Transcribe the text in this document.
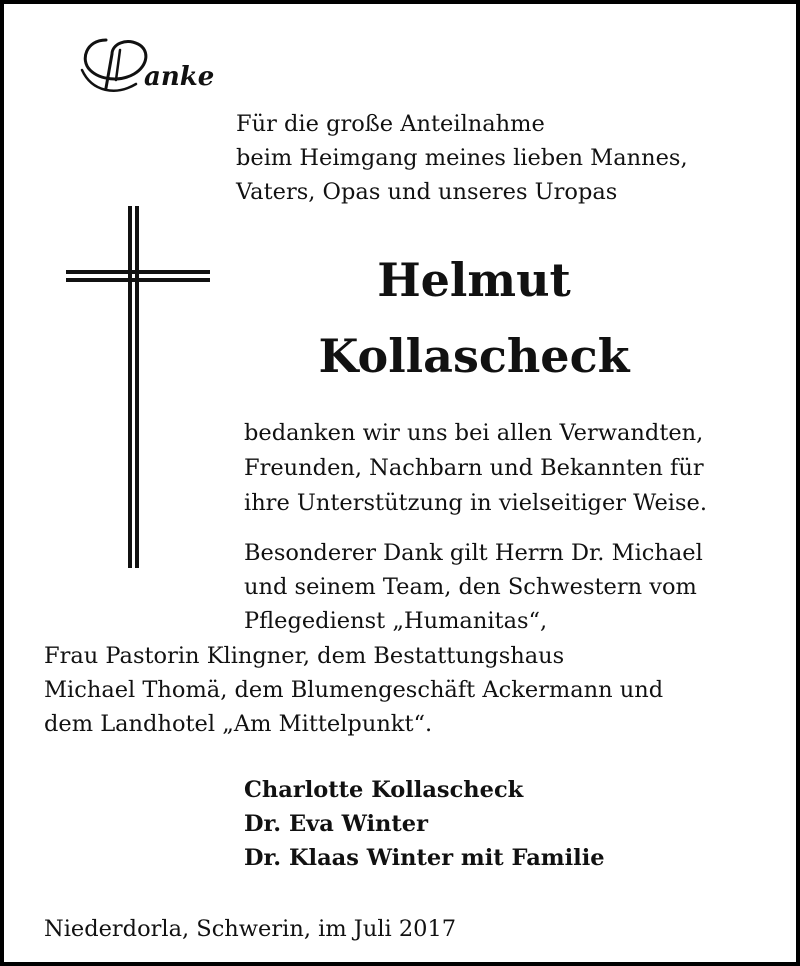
anke
Für die große Anteilnahme
beim Heimgang meines lieben Mannes,
Vaters, Opas und unseres Uropas
Helmut
Kollascheck
bedanken wir uns bei allen Verwandten,
Freunden, Nachbarn und Bekannten für
ihre Unterstützung in vielseitiger Weise.
Besonderer Dank gilt Herrn Dr. Michael
und seinem Team, den Schwestern vom
Pflegedienst „Humanitas“,
Frau Pastorin Klingner, dem Bestattungshaus
Michael Thomä, dem Blumengeschäft Ackermann und
dem Landhotel „Am Mittelpunkt“.
Charlotte Kollascheck
Dr. Eva Winter
Dr. Klaas Winter mit Familie
Niederdorla, Schwerin, im Juli 2017
